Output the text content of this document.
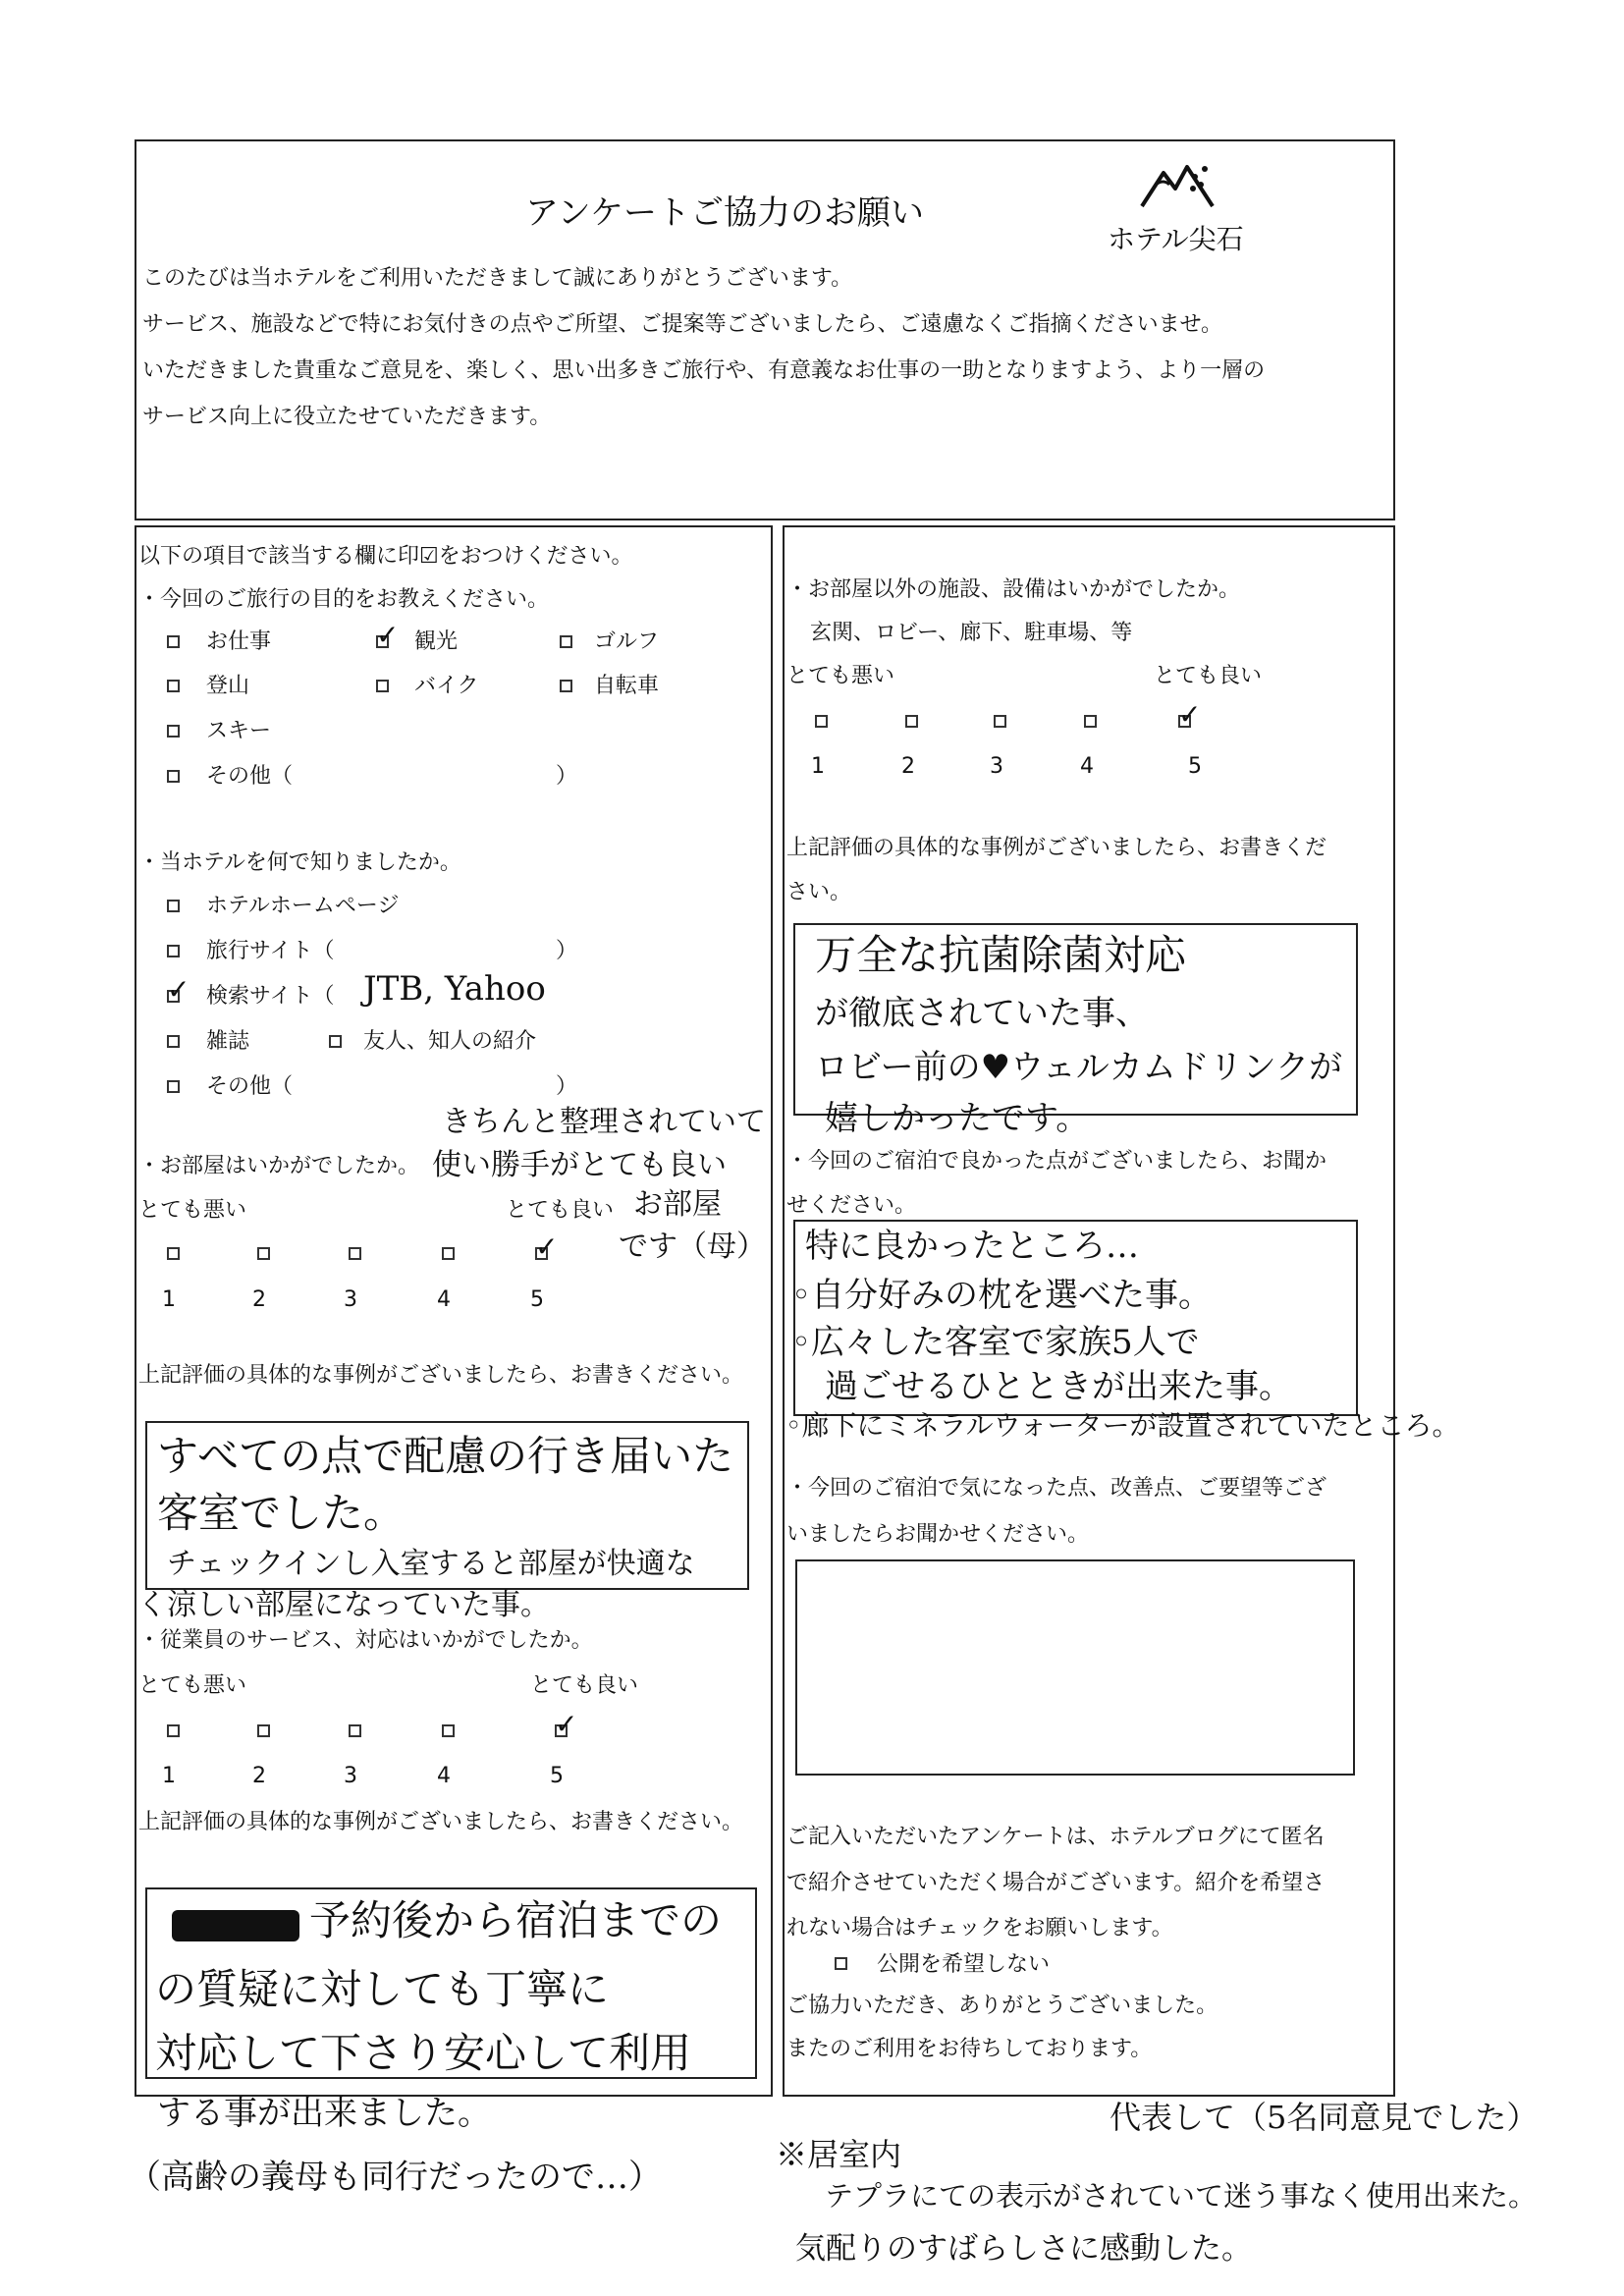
アンケートご協力のお願い
ホテル尖石
このたびは当ホテルをご利用いただきまして誠にありがとうございます。
サービス、施設などで特にお気付きの点やご所望、ご提案等ございましたら、ご遠慮なくご指摘くださいませ。
いただきました貴重なご意見を、楽しく、思い出多きご旅行や、有意義なお仕事の一助となりますよう、より一層の
サービス向上に役立たせていただきます。
以下の項目で該当する欄に印☑をおつけください。
・今回のご旅行の目的をお教えください。
お仕事
✓	観光	ゴルフ
登山	バイク	自転車
スキー
その他（	）
・当ホテルを何で知りましたか。
ホテルホームページ
旅行サイト（	）
✓
検索サイト（ JTB, Yahoo
雑誌	友人、知人の紹介
その他（	）
きちんと整理されていて
・お部屋はいかがでしたか。 使い勝手がとても良い
とても悪い	とても良い お部屋
です（母）
✓
1	2	3	4	5
上記評価の具体的な事例がございましたら、お書きください。
すべての点で配慮の行き届いた
客室でした。
チェックインし入室すると部屋が快適な
く涼しい部屋になっていた事。
・従業員のサービス、対応はいかがでしたか。
とても悪い	とても良い
✓
1	2	3	4	5
上記評価の具体的な事例がございましたら、お書きください。
予約後から宿泊までの
の質疑に対しても丁寧に
対応して下さり安心して利用
・お部屋以外の施設、設備はいかがでしたか。
玄関、ロビー、廊下、駐車場、等
とても悪い	とても良い
✓
1	2	3	4	5
上記評価の具体的な事例がございましたら、お書きくだ
さい。
万全な抗菌除菌対応
が徹底されていた事、
ロビー前の♥ウェルカムドリンクが
嬉しかったです。
・今回のご宿泊で良かった点がございましたら、お聞か
せください。
特に良かったところ…
◦自分好みの枕を選べた事。
◦広々した客室で家族5人で
過ごせるひとときが出来た事。
◦廊下にミネラルウォーターが設置されていたところ。
・今回のご宿泊で気になった点、改善点、ご要望等ござ
いましたらお聞かせください。
ご記入いただいたアンケートは、ホテルブログにて匿名
で紹介させていただく場合がございます。紹介を希望さ
れない場合はチェックをお願いします。
公開を希望しない
ご協力いただき、ありがとうございました。
またのご利用をお待ちしております。
する事が出来ました。
（高齢の義母も同行だったので…）
代表して（5名同意見でした）
※居室内
テプラにての表示がされていて迷う事なく使用出来た。
気配りのすばらしさに感動した。
